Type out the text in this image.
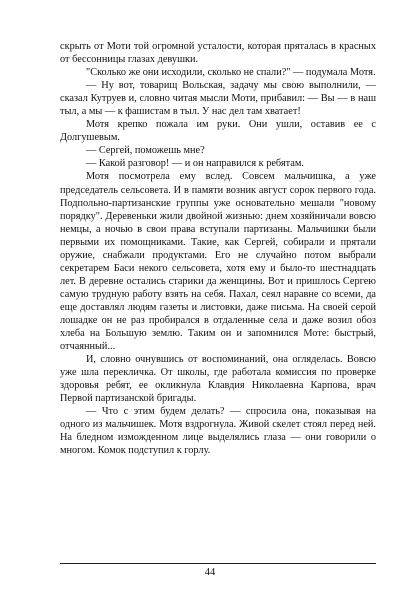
скрыть от Моти той огромной усталости, которая пряталась в красных от бессонницы глазах девушки.

"Сколько же они исходили, сколько не спали?" — подумала Мотя.

— Ну вот, товарищ Вольская, задачу мы свою выполнили, — сказал Кутруев и, словно читая мысли Моти, прибавил: — Вы — в наш тыл, а мы — к фашистам в тыл. У нас дел там хватает!

Мотя крепко пожала им руки. Они ушли, оставив ее с Долгушевым.

— Сергей, поможешь мне?

— Какой разговор! — и он направился к ребятам.

Мотя посмотрела ему вслед. Совсем мальчишка, а уже председатель сельсовета. И в памяти возник август сорок первого года. Подпольно-партизанские группы уже основательно мешали "новому порядку". Деревеньки жили двойной жизнью: днем хозяйничали вовсю немцы, а ночью в свои права вступали партизаны. Мальчишки были первыми их помощниками. Такие, как Сергей, собирали и прятали оружие, снабжали продуктами. Его не случайно потом выбрали секретарем Баси некого сельсовета, хотя ему и было-то шестнадцать лет. В деревне остались старики да женщины. Вот и пришлось Сергею самую трудную работу взять на себя. Пахал, сеял наравне со всеми, да еще доставлял людям газеты и листовки, даже письма. На своей серой лошадке он не раз пробирался в отдаленные села и даже возил обоз хлеба на Большую землю. Таким он и запомнился Моте: быстрый, отчаянный...

И, словно очнувшись от воспоминаний, она огляделась. Вовсю уже шла перекличка. От школы, где работала комиссия по проверке здоровья ребят, ее окликнула Клавдия Николаевна Карпова, врач Первой партизанской бригады.

— Что с этим будем делать? — спросила она, показывая на одного из мальчишек. Мотя вздрогнула. Живой скелет стоял перед ней. На бледном изможденном лице выделялись глаза — они говорили о многом. Комок подступил к горлу.

44
